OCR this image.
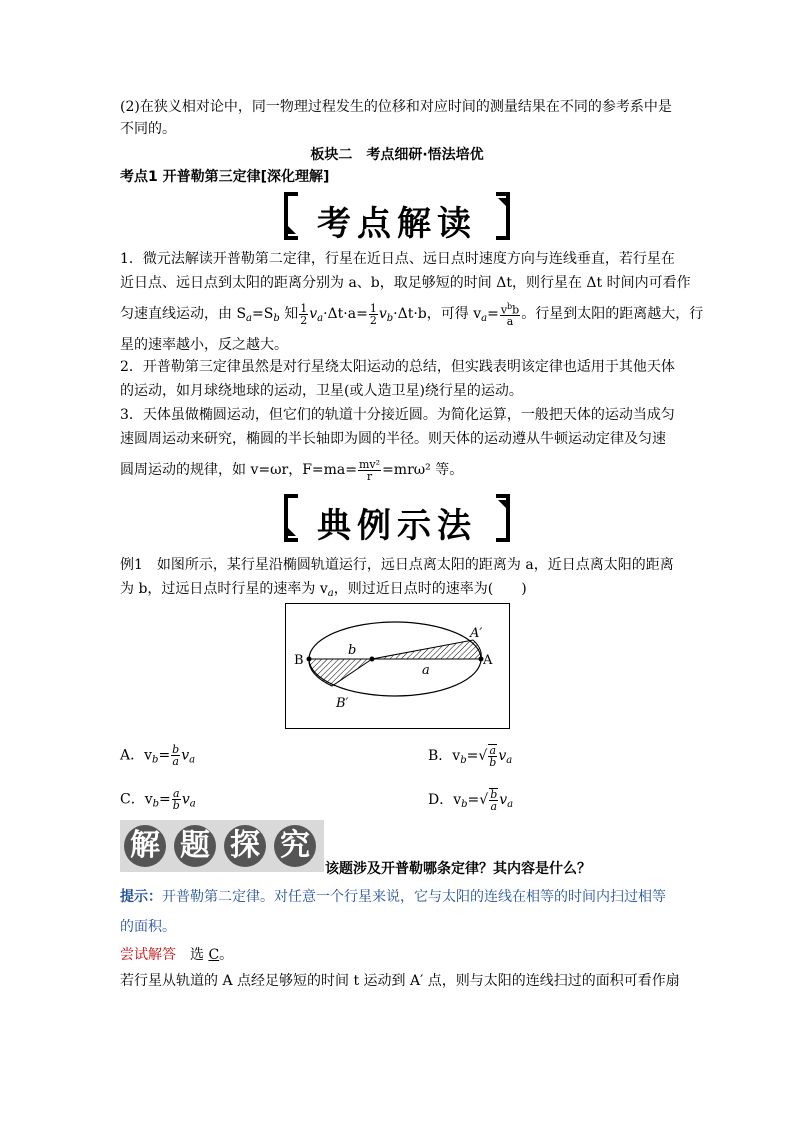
(2)在狭义相对论中，同一物理过程发生的位移和对应时间的测量结果在不同的参考系中是
不同的。
板块二　考点细研·悟法培优
考点1 开普勒第三定律[深化理解]
考点解读
1．微元法解读开普勒第二定律，行星在近日点、远日点时速度方向与连线垂直，若行星在
近日点、远日点到太阳的距离分别为 a、b，取足够短的时间 Δt，则行星在 Δt 时间内可看作
匀速直线运动，由 $S_a=S_b$ 知 $\frac{1}{2} v_a\cdot\Delta t\cdot a= \frac{1}{2} v_b\cdot\Delta t\cdot b$，可得 $v_a= \frac{v^bb}{a}$ 。行星到太阳的距离越大，行
星的速率越小，反之越大。
2．开普勒第三定律虽然是对行星绕太阳运动的总结，但实践表明该定律也适用于其他天体
的运动，如月球绕地球的运动，卫星(或人造卫星)绕行星的运动。
3．天体虽做椭圆运动，但它们的轨道十分接近圆。为简化运算，一般把天体的运动当成匀
速圆周运动来研究，椭圆的半长轴即为圆的半径。则天体的运动遵从牛顿运动定律及匀速
圆周运动的规律，如 v=ωr，$F=ma= \frac{\text{mv²}}{r} =mr\omega^2$ 等。
典例示法
例1　如图所示，某行星沿椭圆轨道运行，远日点离太阳的距离为 a，近日点离太阳的距离
为 b，过远日点时行星的速率为 $v_a$，则过近日点时的速率为(　　)
A
A′
B
B′
a
b
A．$v_b= \frac{b}{a} v_a$	B．$v_b=√ \frac{a}{b} v_a$
C．$v_b= \frac{a}{b} v_a$	D．$v_b=√ \frac{b}{a} v_a$
解 题 探 究
该题涉及开普勒哪条定律？其内容是什么？
提示：开普勒第二定律。对任意一个行星来说，它与太阳的连线在相等的时间内扫过相等
的面积。
尝试解答　 选 C。
若行星从轨道的 A 点经足够短的时间 t 运动到 A′ 点，则与太阳的连线扫过的面积可看作扇
